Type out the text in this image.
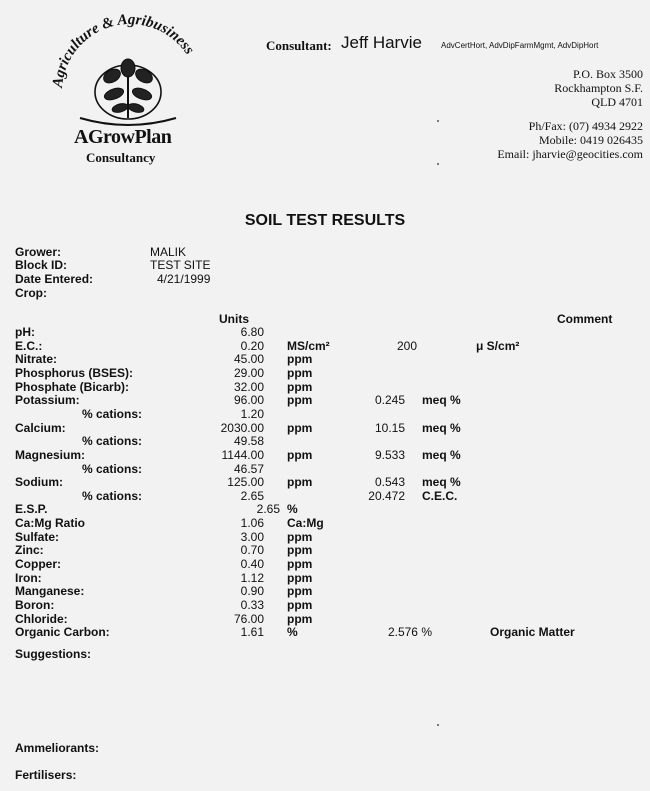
Agriculture & Agribusiness
AGrowPlan
Consultancy
Consultant: Jeff Harvie AdvCertHort, AdvDipFarmMgmt, AdvDipHort
P.O. Box 3500
Rockhampton S.F.
QLD 4701
Ph/Fax: (07) 4934 2922
Mobile: 0419 026435
Email: jharvie@geocities.com
SOIL TEST RESULTS
Grower:	MALIK
Block ID:	TEST SITE
Date Entered:	4/21/1999
Crop:
Units	Comment
pH:	6.80
E.C.:	0.20 MS/cm²	200	μ S/cm²
Nitrate:	45.00 ppm
Phosphorus (BSES):	29.00 ppm
Phosphate (Bicarb):	32.00 ppm
Potassium:	96.00 ppm	0.245 meq %
% cations:	1.20
Calcium:	2030.00 ppm	10.15 meq %
% cations:	49.58
Magnesium:	1144.00 ppm	9.533 meq %
% cations:	46.57
Sodium:	125.00 ppm	0.543 meq %
% cations:	2.65	20.472 C.E.C.
E.S.P.	2.65 %
Ca:Mg Ratio	1.06 Ca:Mg
Sulfate:	3.00 ppm
Zinc:	0.70 ppm
Copper:	0.40 ppm
Iron:	1.12 ppm
Manganese:	0.90 ppm
Boron:	0.33 ppm
Chloride:	76.00 ppm
Organic Carbon:	1.61 %	2.576 %	Organic Matter
Suggestions:
Ammeliorants:
Fertilisers:
